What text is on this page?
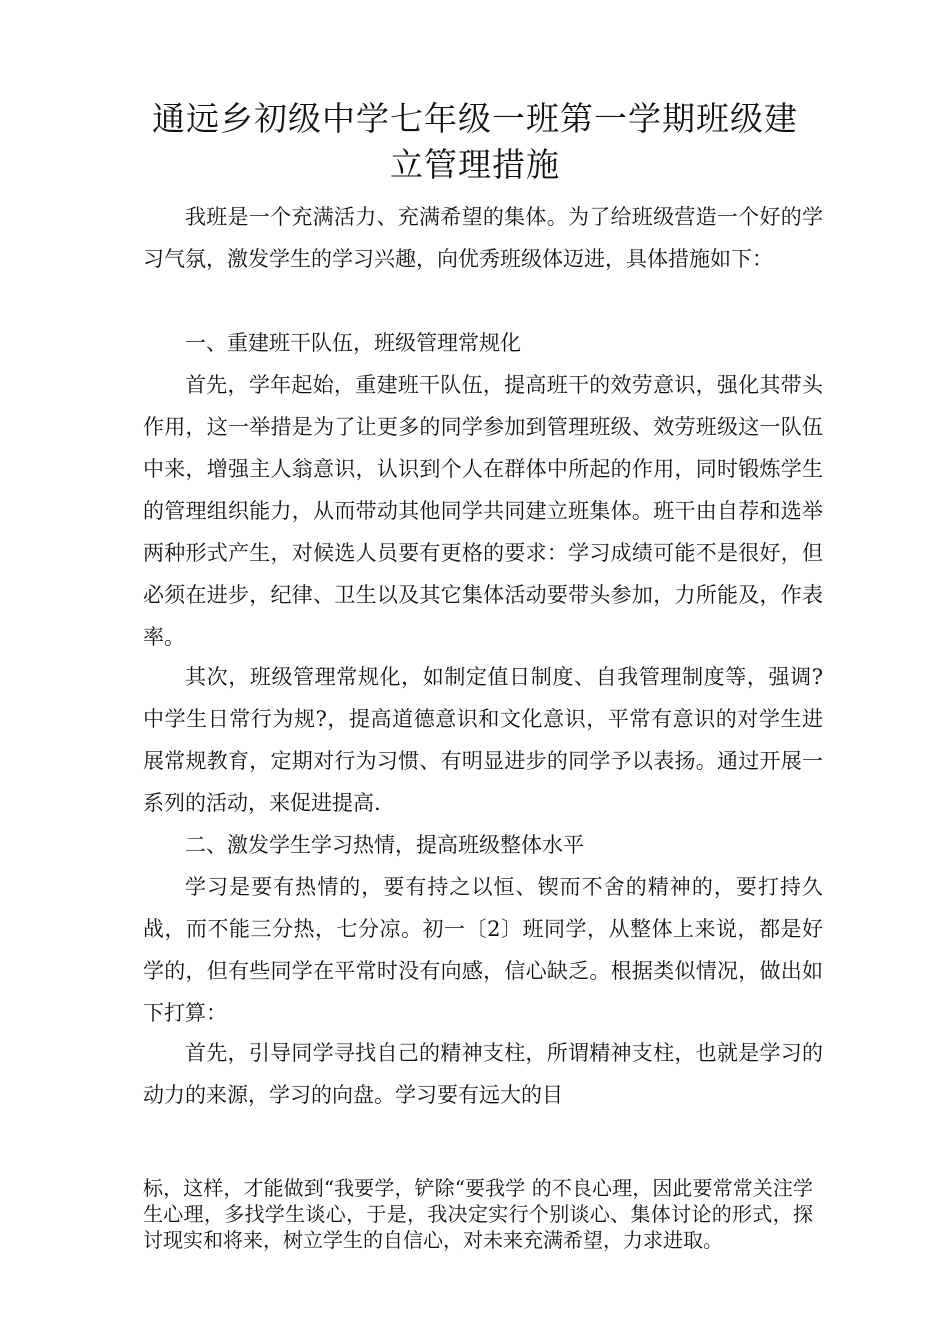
通远乡初级中学七年级一班第一学期班级建
立管理措施

我班是一个充满活力、充满希望的集体。为了给班级营造一个好的学习气氛，激发学生的学习兴趣，向优秀班级体迈进，具体措施如下：

一、重建班干队伍，班级管理常规化

首先，学年起始，重建班干队伍，提高班干的效劳意识，强化其带头作用，这一举措是为了让更多的同学参加到管理班级、效劳班级这一队伍中来，增强主人翁意识，认识到个人在群体中所起的作用，同时锻炼学生的管理组织能力，从而带动其他同学共同建立班集体。班干由自荐和选举两种形式产生，对候选人员要有更格的要求：学习成绩可能不是很好，但必须在进步，纪律、卫生以及其它集体活动要带头参加，力所能及，作表率。

其次，班级管理常规化，如制定值日制度、自我管理制度等，强调?中学生日常行为规?，提高道德意识和文化意识，平常有意识的对学生进展常规教育，定期对行为习惯、有明显进步的同学予以表扬。通过开展一系列的活动，来促进提高.

二、激发学生学习热情，提高班级整体水平

学习是要有热情的，要有持之以恒、锲而不舍的精神的，要打持久战，而不能三分热，七分凉。初一〔2〕班同学，从整体上来说，都是好学的，但有些同学在平常时没有向感，信心缺乏。根据类似情况，做出如下打算：

首先，引导同学寻找自己的精神支柱，所谓精神支柱，也就是学习的动力的来源，学习的向盘。学习要有远大的目

标，这样，才能做到“我要学，铲除“要我学 的不良心理，因此要常常关注学生心理，多找学生谈心，于是，我决定实行个别谈心、集体讨论的形式，探讨现实和将来，树立学生的自信心，对未来充满希望，力求进取。
